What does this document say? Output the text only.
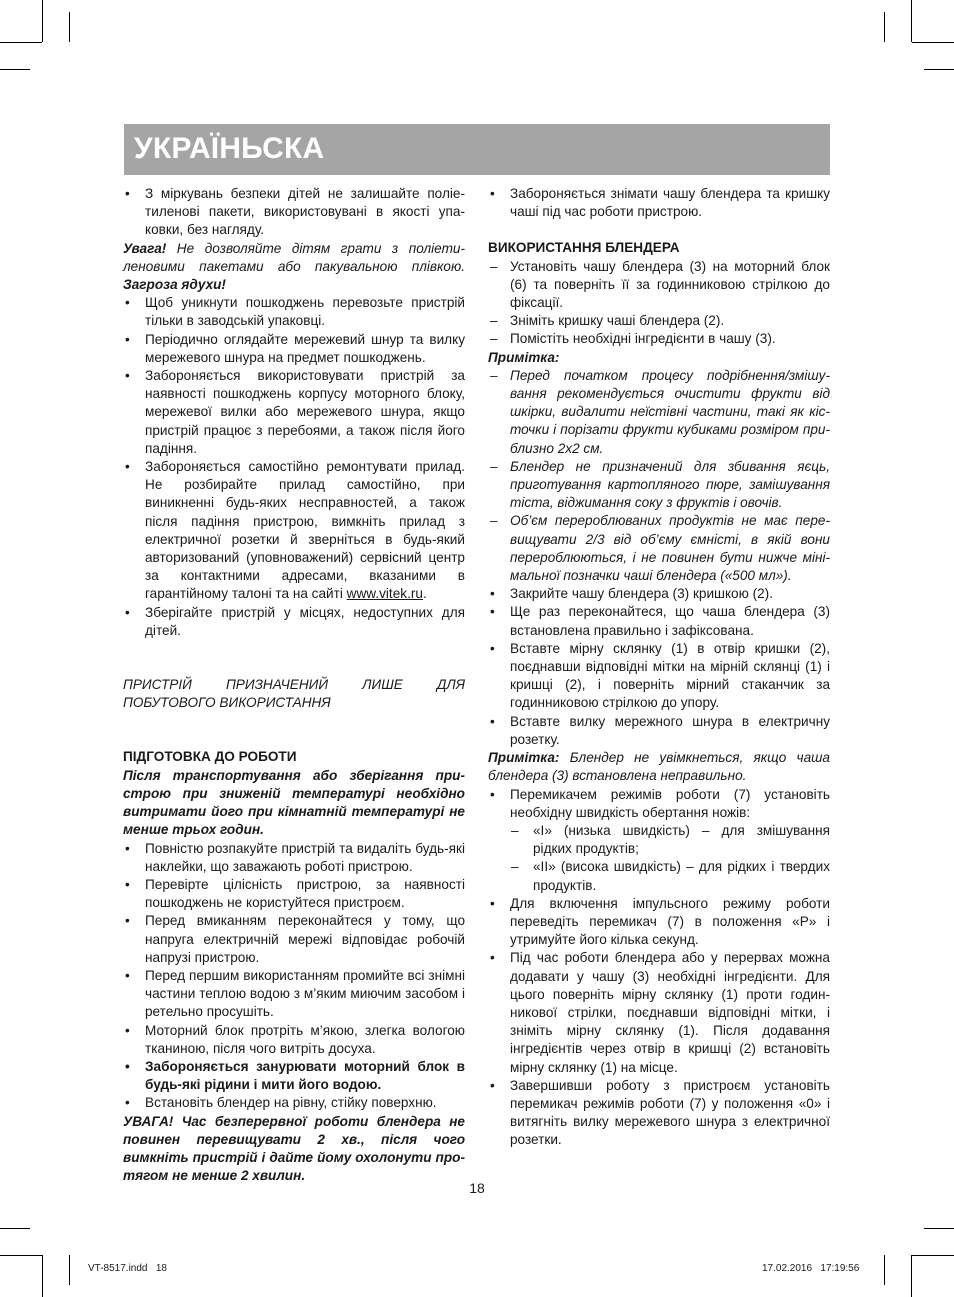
УКРАЇНЬСКА
• З міркувань безпеки дітей не залишайте поліетиленові пакети, використовувані в якості упаковки, без нагляду.
Увага! Не дозволяйте дітям грати з поліетиленовими пакетами або пакувальною плівкою. Загроза ядухи!
• Щоб уникнути пошкоджень перевозьте пристрій тільки в заводській упаковці.
• Періодично оглядайте мережевий шнур та вилку мережевого шнура на предмет пошкоджень.
• Забороняється використовувати пристрій за наявності пошкоджень корпусу моторного блоку, мережевої вилки або мережевого шнура, якщо пристрій працює з перебоями, а також після його падіння.
• Забороняється самостійно ремонтувати прилад. Не розбирайте прилад самостійно, при виникненні будь-яких несправностей, а також після падіння пристрою, вимкніть прилад з електричної розетки й зверніться в будь-який авторизований (уповноважений) сервісний центр за контактними адресами, вказаними в гарантійному талоні та на сайті www.vitek.ru.
• Зберігайте пристрій у місцях, недоступних для дітей.
ПРИСТРІЙ ПРИЗНАЧЕНИЙ ЛИШЕ ДЛЯ ПОБУТОВОГО ВИКОРИСТАННЯ
ПІДГОТОВКА ДО РОБОТИ
Після транспортування або зберігання пристрою при зниженій температурі необхідно витримати його при кімнатній температурі не менше трьох годин.
• Повністю розпакуйте пристрій та видаліть будь-які наклейки, що заважають роботі пристрою.
• Перевірте цілісність пристрою, за наявності пошкоджень не користуйтеся пристроєм.
• Перед вмиканням переконайтеся у тому, що напруга електричній мережі відповідає робочій напрузі пристрою.
• Перед першим використанням промийте всі знімні частини теплою водою з м’яким миючим засобом і ретельно просушіть.
• Моторний блок протріть м’якою, злегка вологою тканиною, після чого витріть досуха.
• Забороняється занурювати моторний блок в будь-які рідини і мити його водою.
• Встановіть блендер на рівну, стійку поверхню.
УВАГА! Час безперервної роботи блендера не повинен перевищувати 2 хв., після чого вимкніть пристрій і дайте йому охолонути протягом не менше 2 хвилин.
• Забороняється знімати чашу блендера та кришку чаші під час роботи пристрою.
ВИКОРИСТАННЯ БЛЕНДЕРА
– Установіть чашу блендера (3) на моторний блок (6) та поверніть її за годинниковою стрілкою до фіксації.
– Зніміть кришку чаші блендера (2).
– Помістіть необхідні інгредієнти в чашу (3).
Примітка:
– Перед початком процесу подрібнення/змішування рекомендується очистити фрукти від шкірки, видалити неїстівні частини, такі як кісточки і порізати фрукти кубиками розміром приблизно 2х2 см.
– Блендер не призначений для збивання яєць, приготування картопляного пюре, замішування тіста, віджимання соку з фруктів і овочів.
– Об’єм перероблюваних продуктів не має перевищувати 2/3 від об’єму ємністі, в якій вони перероблюються, і не повинен бути нижче мінімальної позначки чаші блендера («500 мл»).
• Закрийте чашу блендера (3) кришкою (2).
• Ще раз переконайтеся, що чаша блендера (3) встановлена правильно і зафіксована.
• Вставте мірну склянку (1) в отвір кришки (2), поєднавши відповідні мітки на мірній склянці (1) і кришці (2), і поверніть мірний стаканчик за годинниковою стрілкою до упору.
• Вставте вилку мережного шнура в електричну розетку.
Примітка: Блендер не увімкнеться, якщо чаша блендера (3) встановлена неправильно.
• Перемикачем режимів роботи (7) установіть необхідну швидкість обертання ножів:
– «I» (низька швидкість) – для змішування рідких продуктів;
– «II» (висока швидкість) – для рідких і твердих продуктів.
• Для включення імпульсного режиму роботи переведіть перемикач (7) в положення «P» і утримуйте його кілька секунд.
• Під час роботи блендера або у перервах можна додавати у чашу (3) необхідні інгредієнти. Для цього поверніть мірну склянку (1) проти годинникової стрілки, поєднавши відповідні мітки, і зніміть мірну склянку (1). Після додавання інгредієнтів через отвір в кришці (2) встановіть мірну склянку (1) на місце.
• Завершивши роботу з пристроєм установіть перемикач режимів роботи (7) у положення «0» і витягніть вилку мережевого шнура з електричної розетки.
18
VT-8517.indd   18	17.02.2016   17:19:56
